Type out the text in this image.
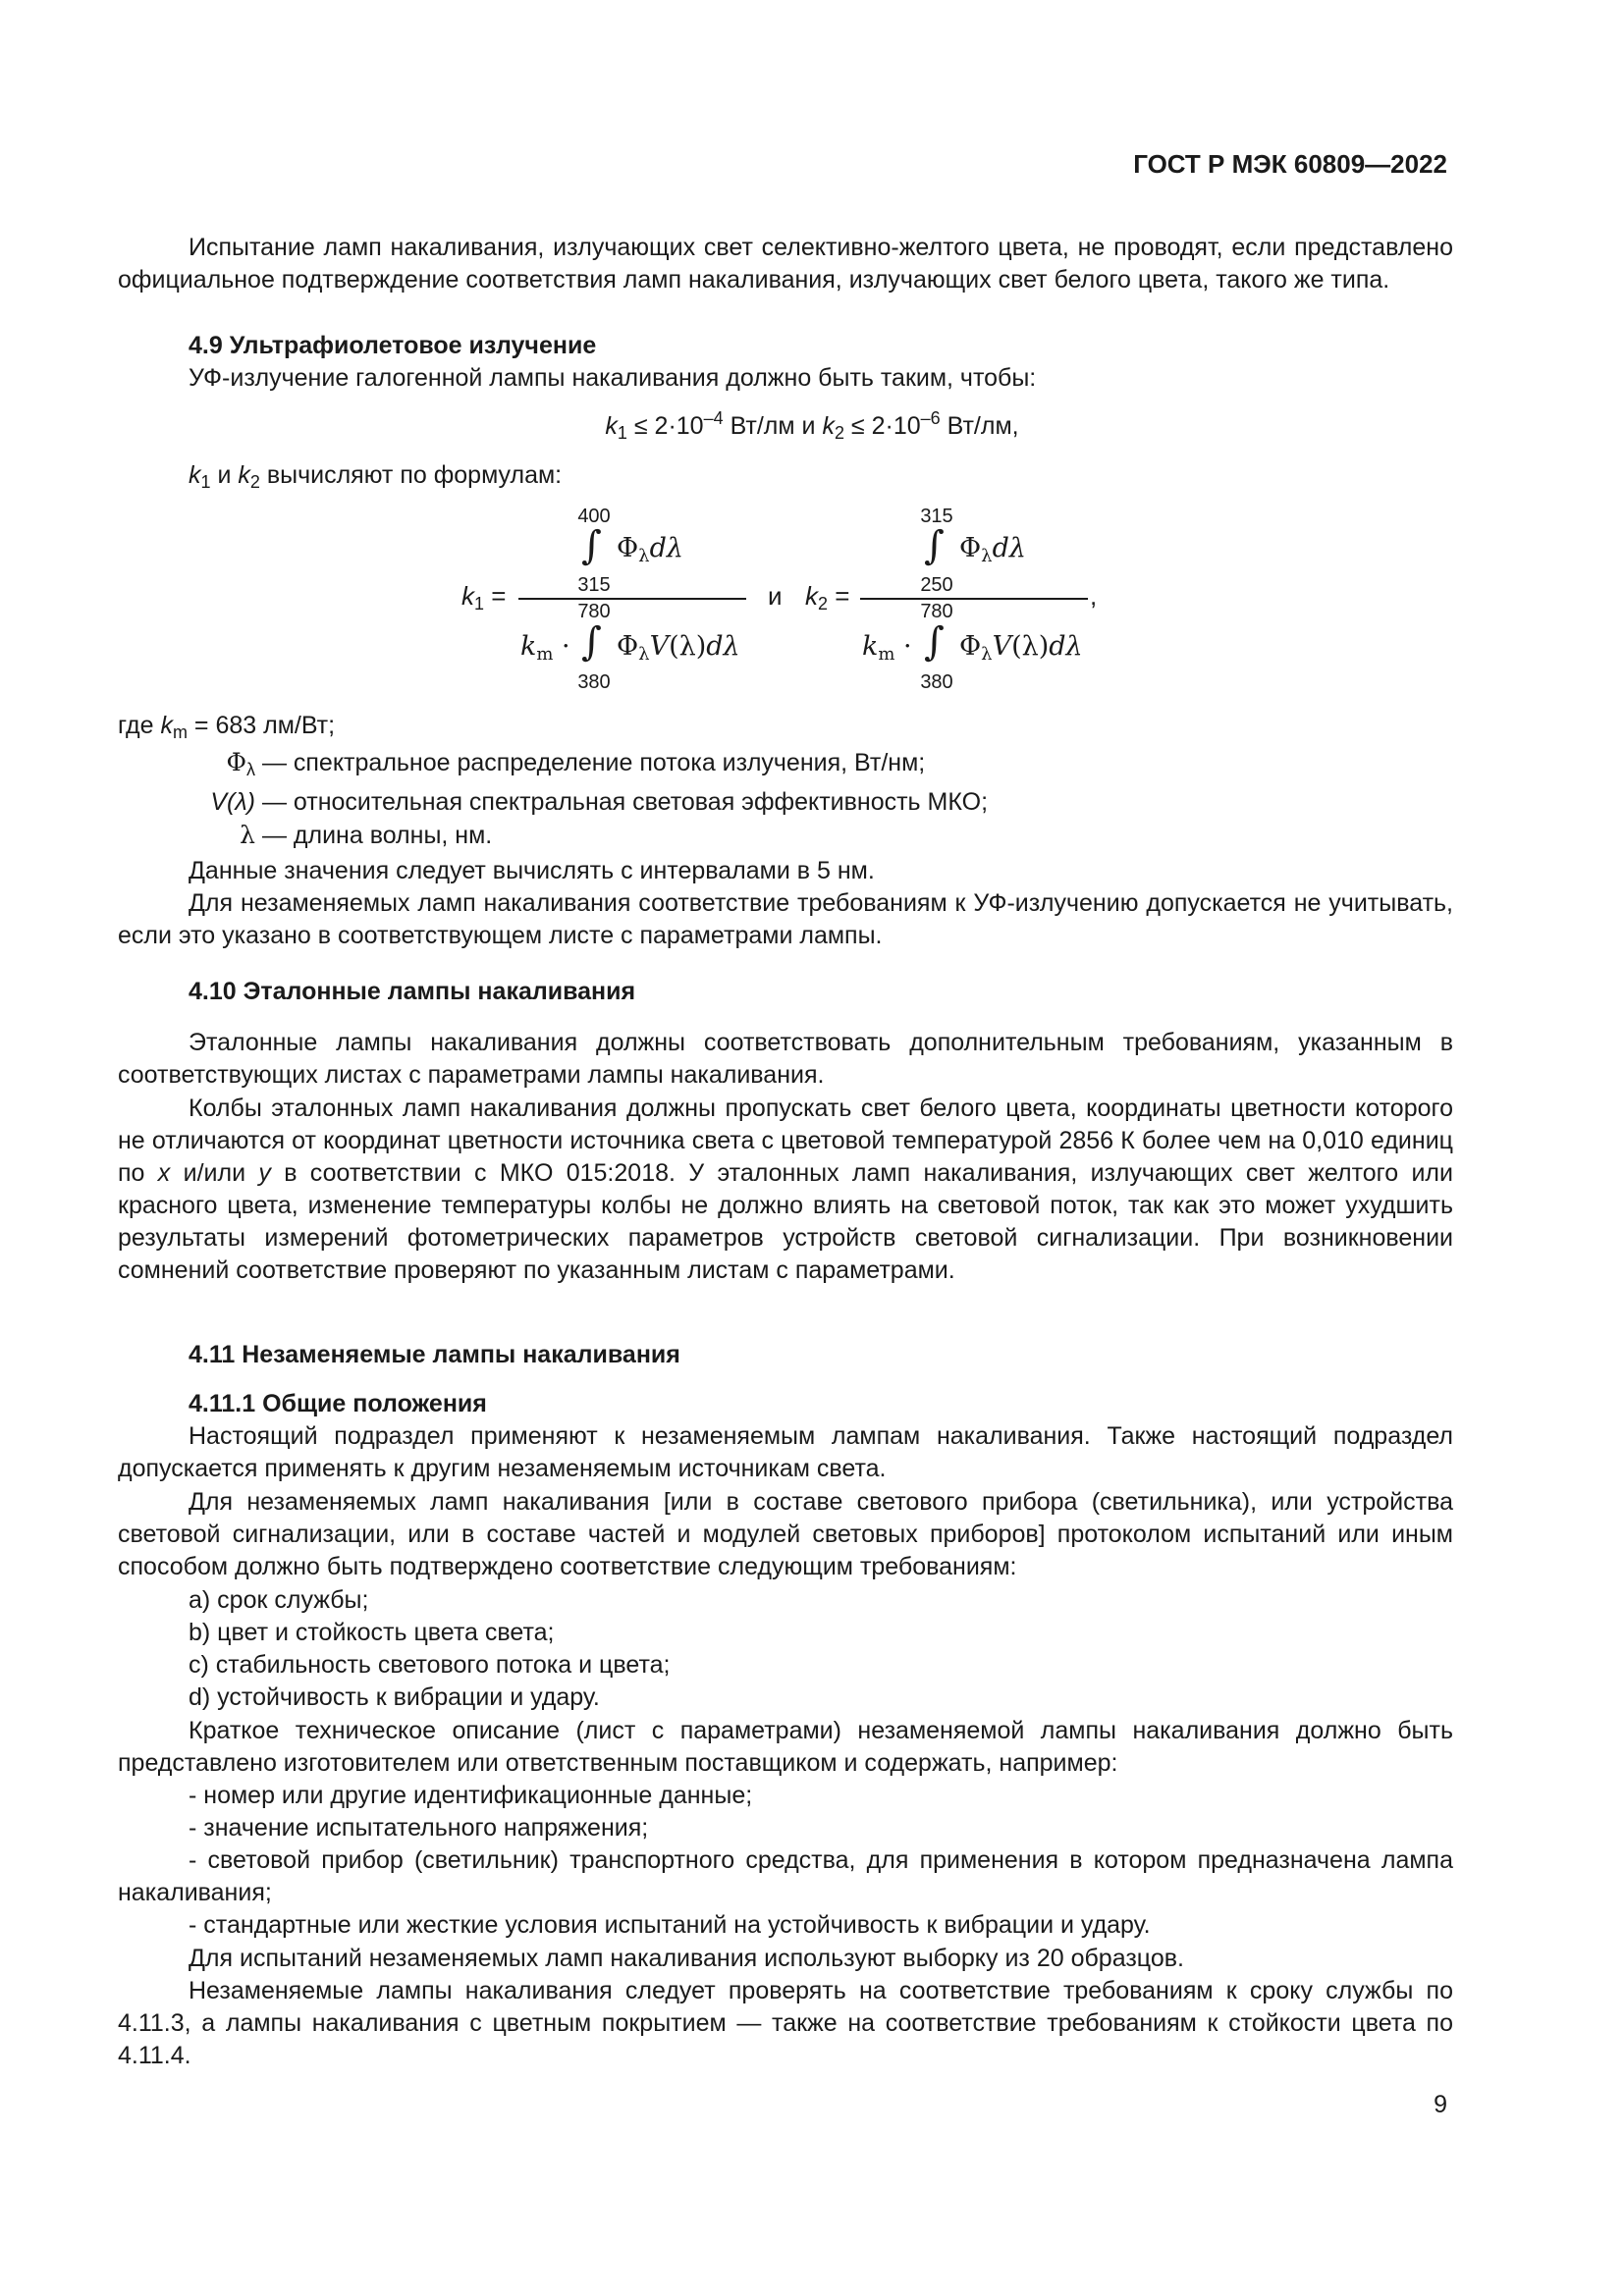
ГОСТ Р МЭК 60809—2022

Испытание ламп накаливания, излучающих свет селективно-желтого цвета, не проводят, если представлено официальное подтверждение соответствия ламп накаливания, излучающих свет белого цвета, такого же типа.

4.9 Ультрафиолетовое излучение

УФ-излучение галогенной лампы накаливания должно быть таким, чтобы:

$k_1 \le 2\cdot 10^{-4}$ Вт/лм и $k_2 \le 2\cdot 10^{-6}$ Вт/лм,
$k_1$ и $k_2$ вычисляют по формулам:
$k_1$ =
400
∫ $\Phi_\lambda d\lambda$
315
780
$k_m$ · ∫ $\Phi_\lambda V(\lambda)d\lambda$
380
и $k_2$ =
315
∫ $\Phi_\lambda d\lambda$
250	,
780
$k_m$ · ∫ $\Phi_\lambda V(\lambda)d\lambda$
380
где $k_m = 683$ лм/Вт;
$\Phi_\lambda$ — спектральное распределение потока излучения, Вт/нм;
V(λ) — относительная спектральная световая эффективность МКО;
λ — длина волны, нм.

Данные значения следует вычислять с интервалами в 5 нм.

Для незаменяемых ламп накаливания соответствие требованиям к УФ-излучению допускается не учитывать, если это указано в соответствующем листе с параметрами лампы.

4.10 Эталонные лампы накаливания

Эталонные лампы накаливания должны соответствовать дополнительным требованиям, указанным в соответствующих листах с параметрами лампы накаливания.

Колбы эталонных ламп накаливания должны пропускать свет белого цвета, координаты цветности которого не отличаются от координат цветности источника света с цветовой температурой 2856 К более чем на 0,010 единиц по x и/или y в соответствии с МКО 015:2018. У эталонных ламп накаливания, излучающих свет желтого или красного цвета, изменение температуры колбы не должно влиять на световой поток, так как это может ухудшить результаты измерений фотометрических параметров устройств световой сигнализации. При возникновении сомнений соответствие проверяют по указанным листам с параметрами.

4.11 Незаменяемые лампы накаливания
4.11.1 Общие положения

Настоящий подраздел применяют к незаменяемым лампам накаливания. Также настоящий подраздел допускается применять к другим незаменяемым источникам света.

Для незаменяемых ламп накаливания [или в составе светового прибора (светильника), или устройства световой сигнализации, или в составе частей и модулей световых приборов] протоколом испытаний или иным способом должно быть подтверждено соответствие следующим требованиям:

a) срок службы;
b) цвет и стойкость цвета света;
c) стабильность светового потока и цвета;
d) устойчивость к вибрации и удару.

Краткое техническое описание (лист с параметрами) незаменяемой лампы накаливания должно быть представлено изготовителем или ответственным поставщиком и содержать, например:

- номер или другие идентификационные данные;
- значение испытательного напряжения;
- световой прибор (светильник) транспортного средства, для применения в котором предназначена лампа накаливания;
- стандартные или жесткие условия испытаний на устойчивость к вибрации и удару.

Для испытаний незаменяемых ламп накаливания используют выборку из 20 образцов.

Незаменяемые лампы накаливания следует проверять на соответствие требованиям к сроку службы по 4.11.3, а лампы накаливания с цветным покрытием — также на соответствие требованиям к стойкости цвета по 4.11.4.

9
